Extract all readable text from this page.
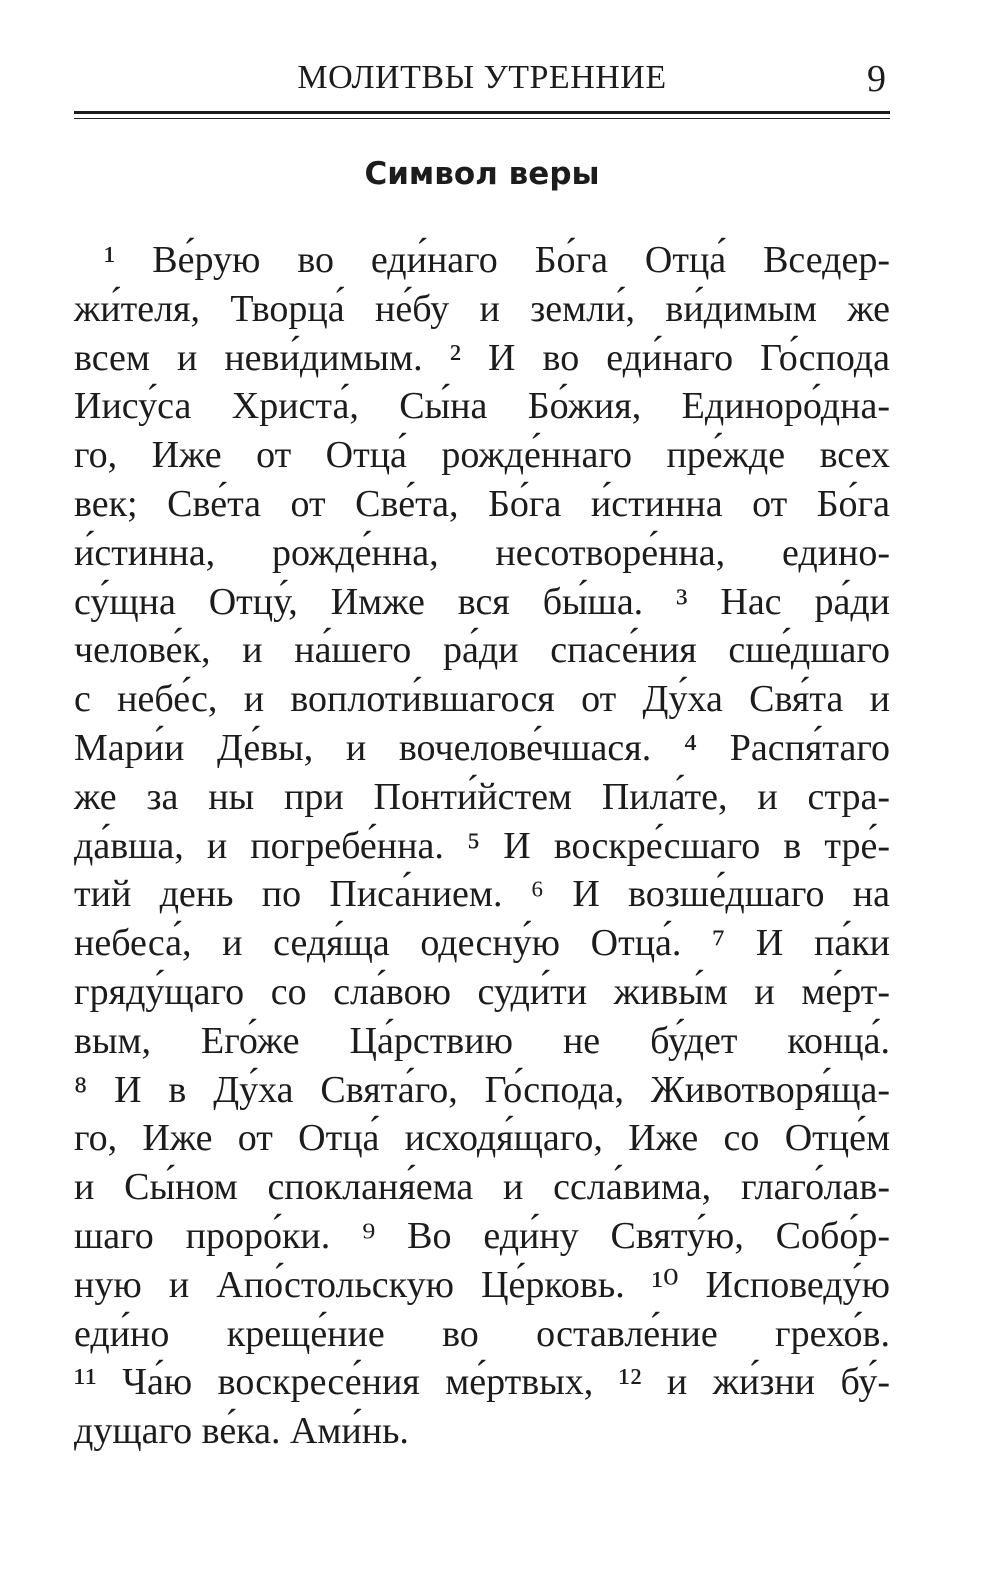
МОЛИТВЫ УТРЕННИЕ	9
Символ веры
¹ Ве́рую во еди́наго Бо́га Отца́ Вседер-
жи́теля, Творца́ не́бу и земли́, ви́димым же
всем и неви́димым. ² И во еди́наго Го́спода
Иису́са Христа́, Сы́на Бо́жия, Единоро́дна-
го, Иже от Отца́ рожде́ннаго пре́жде всех
век; Све́та от Све́та, Бо́га и́стинна от Бо́га
и́стинна, рожде́нна, несотворе́нна, едино-
су́щна Отцу́, Имже вся бы́ша. ³ Нас ра́ди
челове́к, и на́шего ра́ди спасе́ния сше́дшаго
с небе́с, и воплоти́вшагося от Ду́ха Свя́та и
Мари́и Де́вы, и вочелове́чшася. ⁴ Распя́таго
же за ны при Понти́йстем Пила́те, и стра-
да́вша, и погребе́нна. ⁵ И воскре́сшаго в тре́-
тий день по Писа́нием. ⁶ И возше́дшаго на
небеса́, и седя́ща одесну́ю Отца́. ⁷ И па́ки
гряду́щаго со сла́вою суди́ти живы́м и ме́рт-
вым, Его́же Ца́рствию не бу́дет конца́.
⁸ И в Ду́ха Свята́го, Го́спода, Животворя́ща-
го, Иже от Отца́ исходя́щаго, Иже со Отце́м
и Сы́ном спокланя́ема и ссла́вима, глаго́лав-
шаго проро́ки. ⁹ Во еди́ну Святу́ю, Собо́р-
ную и Апо́стольскую Це́рковь. ¹⁰ Исповеду́ю
еди́но креще́ние во оставле́ние грехо́в.
¹¹ Ча́ю воскресе́ния ме́ртвых, ¹² и жи́зни бу́-
дущаго ве́ка. Ами́нь.
